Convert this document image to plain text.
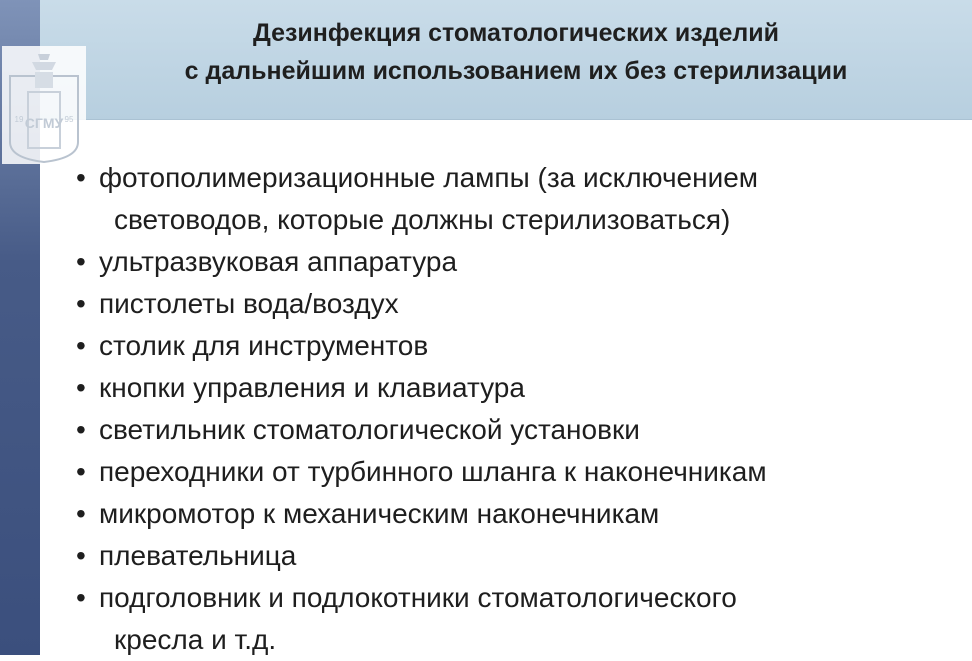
СГМУ
19	95
Дезинфекция стоматологических изделий
с дальнейшим использованием их без стерилизации
• фотополимеризационные лампы (за исключением
световодов, которые должны стерилизоваться)
• ультразвуковая аппаратура
• пистолеты вода/воздух
• столик для инструментов
• кнопки управления и клавиатура
• светильник стоматологической установки
• переходники от турбинного шланга к наконечникам
• микромотор к механическим наконечникам
• плевательница
• подголовник и подлокотники стоматологического
кресла и т.д.
